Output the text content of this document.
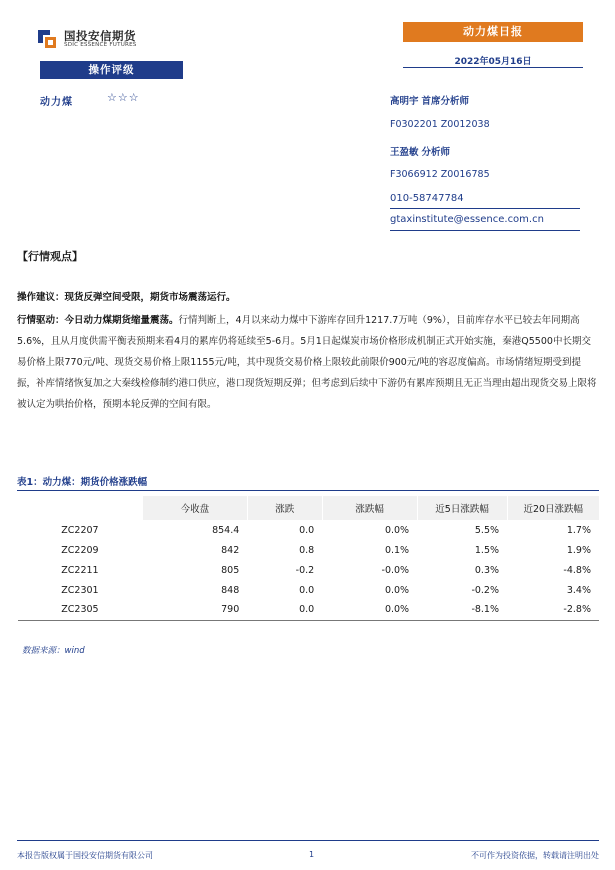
国投安信期货
SDIC ESSENCE FUTURES
动力煤日报
2022年05月16日
操作评级
动力煤	☆☆☆	高明宇 首席分析师
F0302201 Z0012038
王盈敏 分析师
F3066912 Z0016785
010-58747784
gtaxinstitute@essence.com.cn
【行情观点】
操作建议：现货反弹空间受限，期货市场震荡运行。
行情驱动：今日动力煤期货缩量震荡。行情判断上，4月以来动力煤中下游库存回升1217.7万吨（9%），目前库存水平已较去年同期高5.6%，且从月度供需平衡表预期来看4月的累库仍将延续至5-6月。5月1日起煤炭市场价格形成机制正式开始实施，秦港Q5500中长期交易价格上限770元/吨、现货交易价格上限1155元/吨，其中现货交易价格上限较此前限价900元/吨的容忍度偏高。市场情绪短期受到提振，补库情绪恢复加之大秦线检修制约港口供应，港口现货短期反弹；但考虑到后续中下游仍有累库预期且无正当理由超出现货交易上限将被认定为哄抬价格，预期本轮反弹的空间有限。
表1：动力煤：期货价格涨跌幅
	今收盘	涨跌	涨跌幅	近5日涨跌幅	近20日涨跌幅
ZC2207	854.4	0.0	0.0%	5.5%	1.7%
ZC2209	842	0.8	0.1%	1.5%	1.9%
ZC2211	805	-0.2	-0.0%	0.3%	-4.8%
ZC2301	848	0.0	0.0%	-0.2%	3.4%
ZC2305	790	0.0	0.0%	-8.1%	-2.8%
数据来源：wind
本报告版权属于国投安信期货有限公司	1	不可作为投资依据，转载请注明出处
